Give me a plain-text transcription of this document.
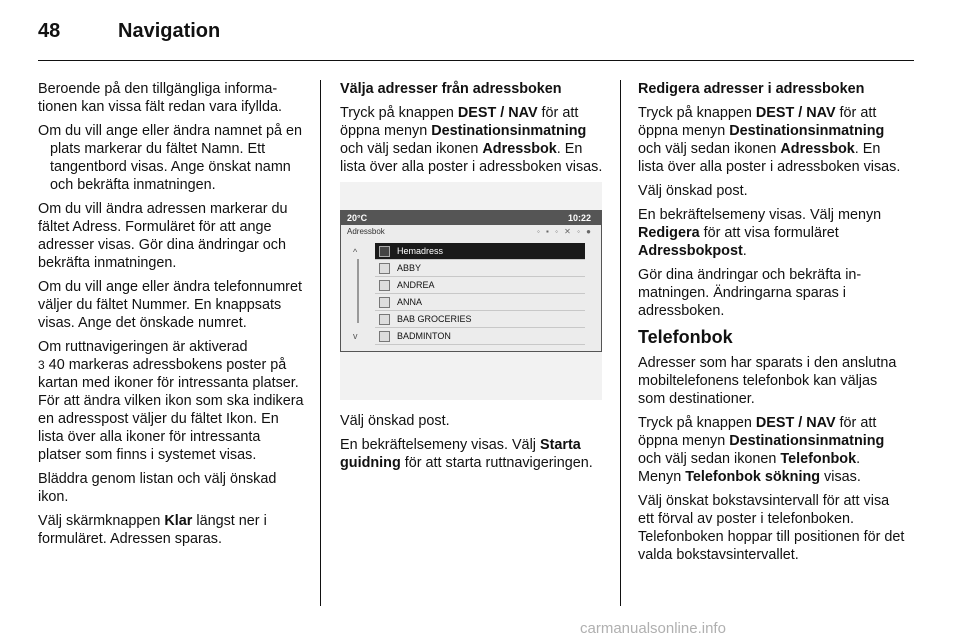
48	Navigation

Beroende på den tillgängliga informationen kan vissa fält redan vara ifyllda.

Om du vill ange eller ändra namnet på en plats markerar du fältet Namn. Ett tangentbord visas. Ange önskat namn och bekräfta inmatningen.

Om du vill ändra adressen markerar du fältet Adress. Formuläret för att ange adresser visas. Gör dina ändringar och bekräfta inmatningen.

Om du vill ange eller ändra telefonnumret väljer du fältet Nummer. En knappsats visas. Ange det önskade numret.

Om ruttnavigeringen är aktiverad
3 40 markeras adressbokens poster på kartan med ikoner för intressanta platser. För att ändra vilken ikon som ska indikera en adresspost väljer du fältet Ikon. En lista över alla ikoner för intressanta platser som finns i systemet visas.

Bläddra genom listan och välj önskad ikon.

Välj skärmknappen Klar längst ner i formuläret. Adressen sparas.

Välja adresser från adressboken

Tryck på knappen DEST / NAV för att öppna menyn Destinationsinmatning och välj sedan ikonen Adressbok. En lista över alla poster i adressboken visas.

20°C	10:22
Adressbok	◦ ▪ ◦ ✕ ◦ ●
^
v
Hemadress
ABBY
ANDREA
ANNA
BAB GROCERIES
BADMINTON

Välj önskad post.

En bekräftelsemeny visas. Välj Starta guidning för att starta ruttnavigeringen.

Redigera adresser i adressboken

Tryck på knappen DEST / NAV för att öppna menyn Destinationsinmatning och välj sedan ikonen Adressbok. En lista över alla poster i adressboken visas.

Välj önskad post.

En bekräftelsemeny visas. Välj menyn Redigera för att visa formuläret Adressbokpost.

Gör dina ändringar och bekräfta inmatningen. Ändringarna sparas i adressboken.

Telefonbok

Adresser som har sparats i den anslutna mobiltelefonens telefonbok kan väljas som destinationer.

Tryck på knappen DEST / NAV för att öppna menyn Destinationsinmatning och välj sedan ikonen Telefonbok. Menyn Telefonbok sökning visas.

Välj önskat bokstavsintervall för att visa ett förval av poster i telefonboken. Telefonboken hoppar till positionen för det valda bokstavsintervallet.

carmanualsonline.info
